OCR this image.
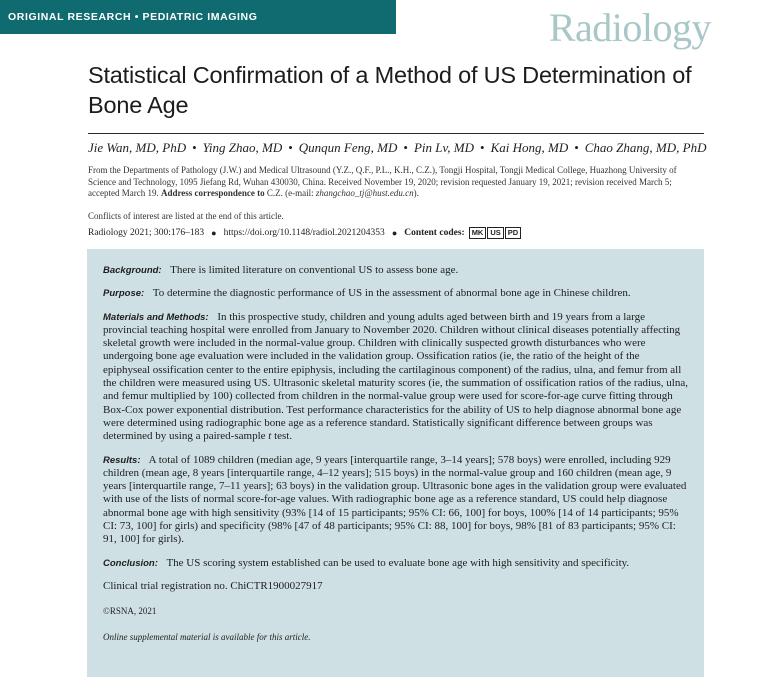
ORIGINAL RESEARCH • PEDIATRIC IMAGING	Radiology
Statistical Confirmation of a Method of US Determination of Bone Age
Jie Wan, MD, PhD • Ying Zhao, MD • Qunqun Feng, MD • Pin Lv, MD • Kai Hong, MD • Chao Zhang, MD, PhD
From the Departments of Pathology (J.W.) and Medical Ultrasound (Y.Z., Q.F., P.L., K.H., C.Z.), Tongji Hospital, Tongji Medical College, Huazhong University of Science and Technology, 1095 Jiefang Rd, Wuhan 430030, China. Received November 19, 2020; revision requested January 19, 2021; revision received March 5; accepted March 19. Address correspondence to C.Z. (e-mail: zhangchao_tj@hust.edu.cn).
Conflicts of interest are listed at the end of this article.
Radiology 2021; 300:176–183 ● https://doi.org/10.1148/radiol.2021204353 ● Content codes: MK US PD

Background: There is limited literature on conventional US to assess bone age.

Purpose: To determine the diagnostic performance of US in the assessment of abnormal bone age in Chinese children.

Materials and Methods: In this prospective study, children and young adults aged between birth and 19 years from a large provincial teaching hospital were enrolled from January to November 2020. Children without clinical diseases potentially affecting skeletal growth were included in the normal-value group. Children with clinically suspected growth disturbances who were undergoing bone age evaluation were included in the validation group. Ossification ratios (ie, the ratio of the height of the epiphyseal ossification center to the entire epiphysis, including the cartilaginous component) of the radius, ulna, and femur from all the children were measured using US. Ultrasonic skeletal maturity scores (ie, the summation of ossification ratios of the radius, ulna, and femur multiplied by 100) collected from children in the normal-value group were used for score-for-age curve fitting through Box-Cox power exponential distribution. Test performance characteristics for the ability of US to help diagnose abnormal bone age were determined using radiographic bone age as a reference standard. Statistically significant difference between groups was determined by using a paired-sample t test.

Results: A total of 1089 children (median age, 9 years [interquartile range, 3–14 years]; 578 boys) were enrolled, including 929 children (mean age, 8 years [interquartile range, 4–12 years]; 515 boys) in the normal-value group and 160 children (mean age, 9 years [interquartile range, 7–11 years]; 63 boys) in the validation group. Ultrasonic bone ages in the validation group were evaluated with use of the lists of normal score-for-age values. With radiographic bone age as a reference standard, US could help diagnose abnormal bone age with high sensitivity (93% [14 of 15 participants; 95% CI: 66, 100] for boys, 100% [14 of 14 participants; 95% CI: 73, 100] for girls) and specificity (98% [47 of 48 participants; 95% CI: 88, 100] for boys, 98% [81 of 83 participants; 95% CI: 91, 100] for girls).

Conclusion: The US scoring system established can be used to evaluate bone age with high sensitivity and specificity.

Clinical trial registration no. ChiCTR1900027917

©RSNA, 2021

Online supplemental material is available for this article.
